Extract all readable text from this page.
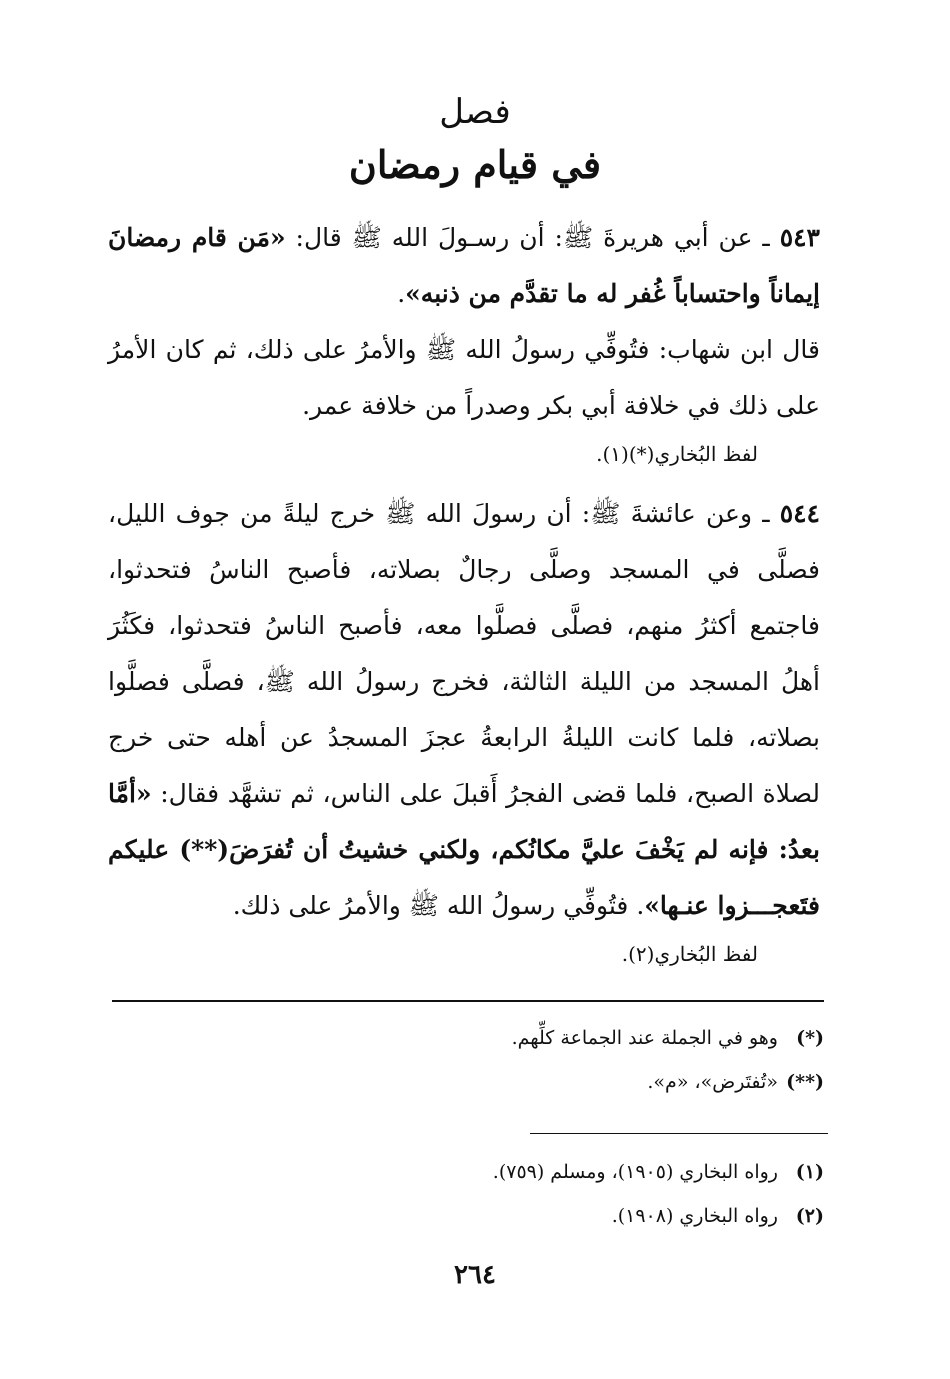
فصل
في قيام رمضان

٥٤٣ ـ عن أبي هريرةَ ﷺ: أن رسـولَ الله ﷺ قال: «مَن قام رمضانَ إيماناً واحتساباً غُفر له ما تقدَّم من ذنبه».

قال ابن شهاب: فتُوفِّي رسولُ الله ﷺ والأمرُ على ذلك، ثم كان الأمرُ على ذلك في خلافة أبي بكر وصدراً من خلافة عمر.

لفظ البُخاري(*)(١).

٥٤٤ ـ وعن عائشةَ ﷺ: أن رسولَ الله ﷺ خرج ليلةً من جوف الليل، فصلَّى في المسجد وصلَّى رجالٌ بصلاته، فأصبح الناسُ فتحدثوا، فاجتمع أكثرُ منهم، فصلَّى فصلَّوا معه، فأصبح الناسُ فتحدثوا، فكَثُرَ أهلُ المسجد من الليلة الثالثة، فخرج رسولُ الله ﷺ، فصلَّى فصلَّوا بصلاته، فلما كانت الليلةُ الرابعةُ عجزَ المسجدُ عن أهله حتى خرج لصلاة الصبح، فلما قضى الفجرُ أَقبلَ على الناس، ثم تشهَّد فقال: «أمَّا بعدُ: فإنه لم يَخْفَ عليَّ مكانُكم، ولكني خشيتُ أن تُفرَضَ(**) عليكم فتَعجـــزوا عنـها». فتُوفِّي رسولُ الله ﷺ والأمرُ على ذلك.

لفظ البُخاري(٢).

(*) وهو في الجملة عند الجماعة كلِّهم.
(**) «تُفتَرض»، «م».
(١) رواه البخاري (١٩٠٥)، ومسلم (٧٥٩).
(٢) رواه البخاري (١٩٠٨).
٢٦٤
